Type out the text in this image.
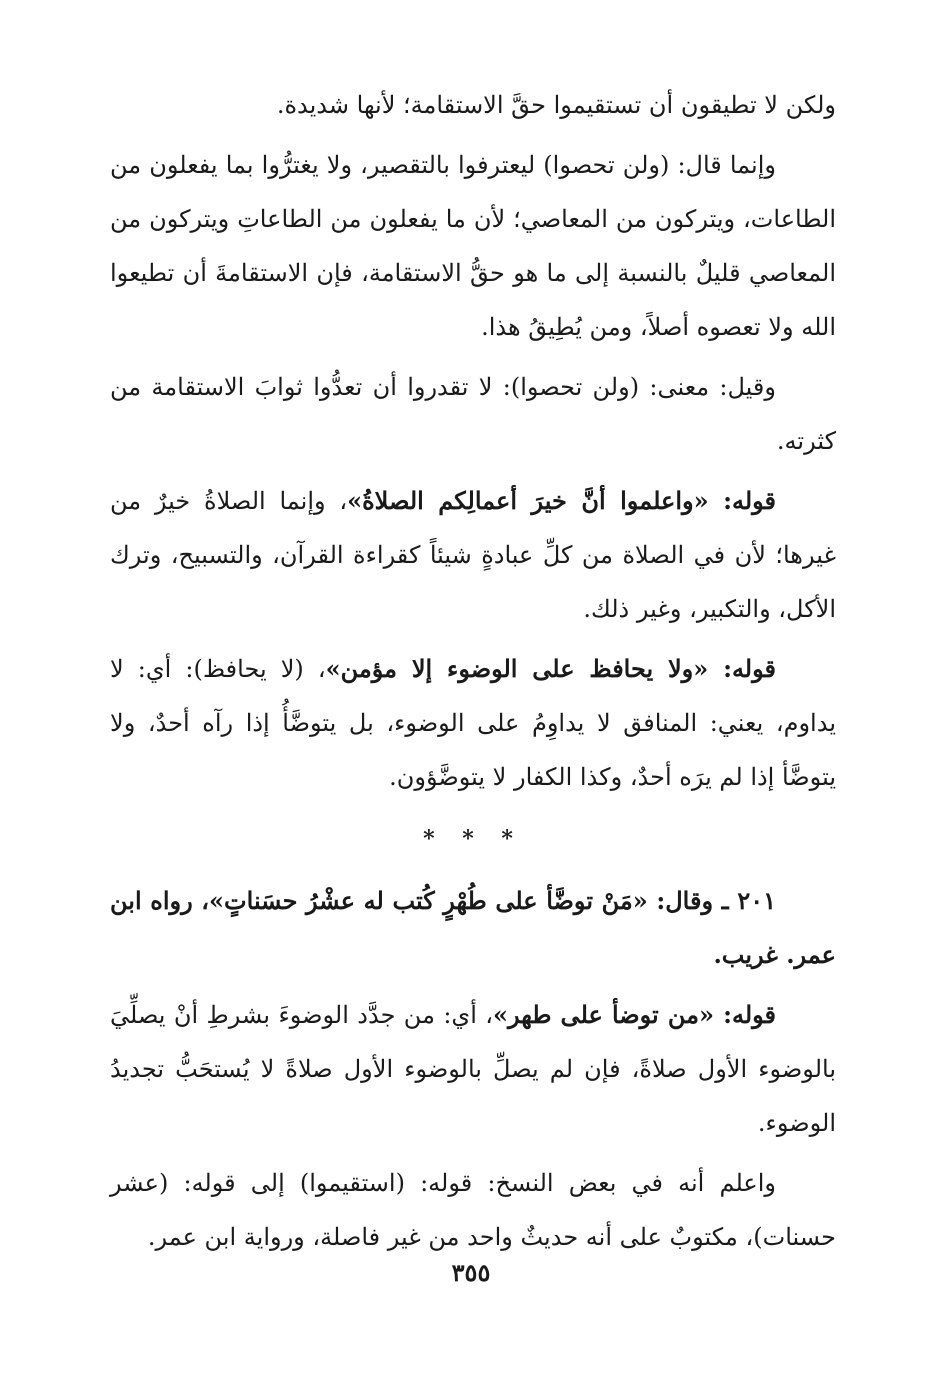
ولكن لا تطيقون أن تستقيموا حقَّ الاستقامة؛ لأنها شديدة.

وإنما قال: (ولن تحصوا) ليعترفوا بالتقصير، ولا يغترُّوا بما يفعلون من الطاعات، ويتركون من المعاصي؛ لأن ما يفعلون من الطاعاتِ ويتركون من المعاصي قليلٌ بالنسبة إلى ما هو حقُّ الاستقامة، فإن الاستقامةَ أن تطيعوا الله ولا تعصوه أصلاً، ومن يُطِيقُ هذا.

وقيل: معنى: (ولن تحصوا): لا تقدروا أن تعدُّوا ثوابَ الاستقامة من كثرته.

قوله: «واعلموا أنَّ خيرَ أعمالِكم الصلاةُ»، وإنما الصلاةُ خيرٌ من غيرها؛ لأن في الصلاة من كلِّ عبادةٍ شيئاً كقراءة القرآن، والتسبيح، وترك الأكل، والتكبير، وغير ذلك.

قوله: «ولا يحافظ على الوضوء إلا مؤمن»، (لا يحافظ): أي: لا يداوم، يعني: المنافق لا يداوِمُ على الوضوء، بل يتوضَّأُ إذا رآه أحدٌ، ولا يتوضَّأ إذا لم يرَه أحدٌ، وكذا الكفار لا يتوضَّؤون.

* * *

٢٠١ ـ وقال: «مَنْ توضَّأ على طُهْرٍ كُتب له عشْرُ حسَناتٍ»، رواه ابن عمر. غريب.

قوله: «من توضأ على طهر»، أي: من جدَّد الوضوءَ بشرطِ أنْ يصلِّيَ بالوضوء الأول صلاةً، فإن لم يصلِّ بالوضوء الأول صلاةً لا يُستحَبُّ تجديدُ الوضوء.

واعلم أنه في بعض النسخ: قوله: (استقيموا) إلى قوله: (عشر حسنات)، مكتوبٌ على أنه حديثٌ واحد من غير فاصلة، ورواية ابن عمر.

٣٥٥
